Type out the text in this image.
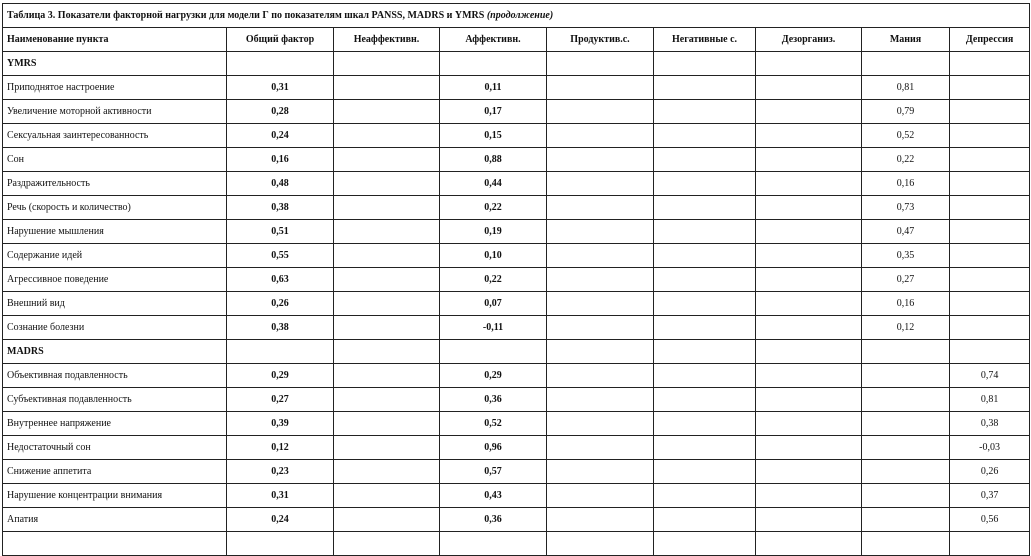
Таблица 3. Показатели факторной нагрузки для модели Г по показателям шкал PANSS, MADRS и YMRS (продолжение)								
Наименование пункта	Общий фактор	Неаффективн.	Аффективн.	Продуктив.с.	Негативные с.	Дезорганиз.	Мания	Депрессия
YMRS								
Приподнятое настроение	0,31		0,11				0,81	
Увеличение моторной активности	0,28		0,17				0,79	
Сексуальная заинтересованность	0,24		0,15				0,52	
Сон	0,16		0,88				0,22	
Раздражительность	0,48		0,44				0,16	
Речь (скорость и количество)	0,38		0,22				0,73	
Нарушение мышления	0,51		0,19				0,47	
Содержание идей	0,55		0,10				0,35	
Агрессивное поведение	0,63		0,22				0,27	
Внешний вид	0,26		0,07				0,16	
Сознание болезни	0,38		-0,11				0,12	
MADRS								
Объективная подавленность	0,29		0,29					0,74
Субъективная подавленность	0,27		0,36					0,81
Внутреннее напряжение	0,39		0,52					0,38
Недостаточный сон	0,12		0,96					-0,03
Снижение аппетита	0,23		0,57					0,26
Нарушение концентрации внимания	0,31		0,43					0,37
Апатия	0,24		0,36					0,56
